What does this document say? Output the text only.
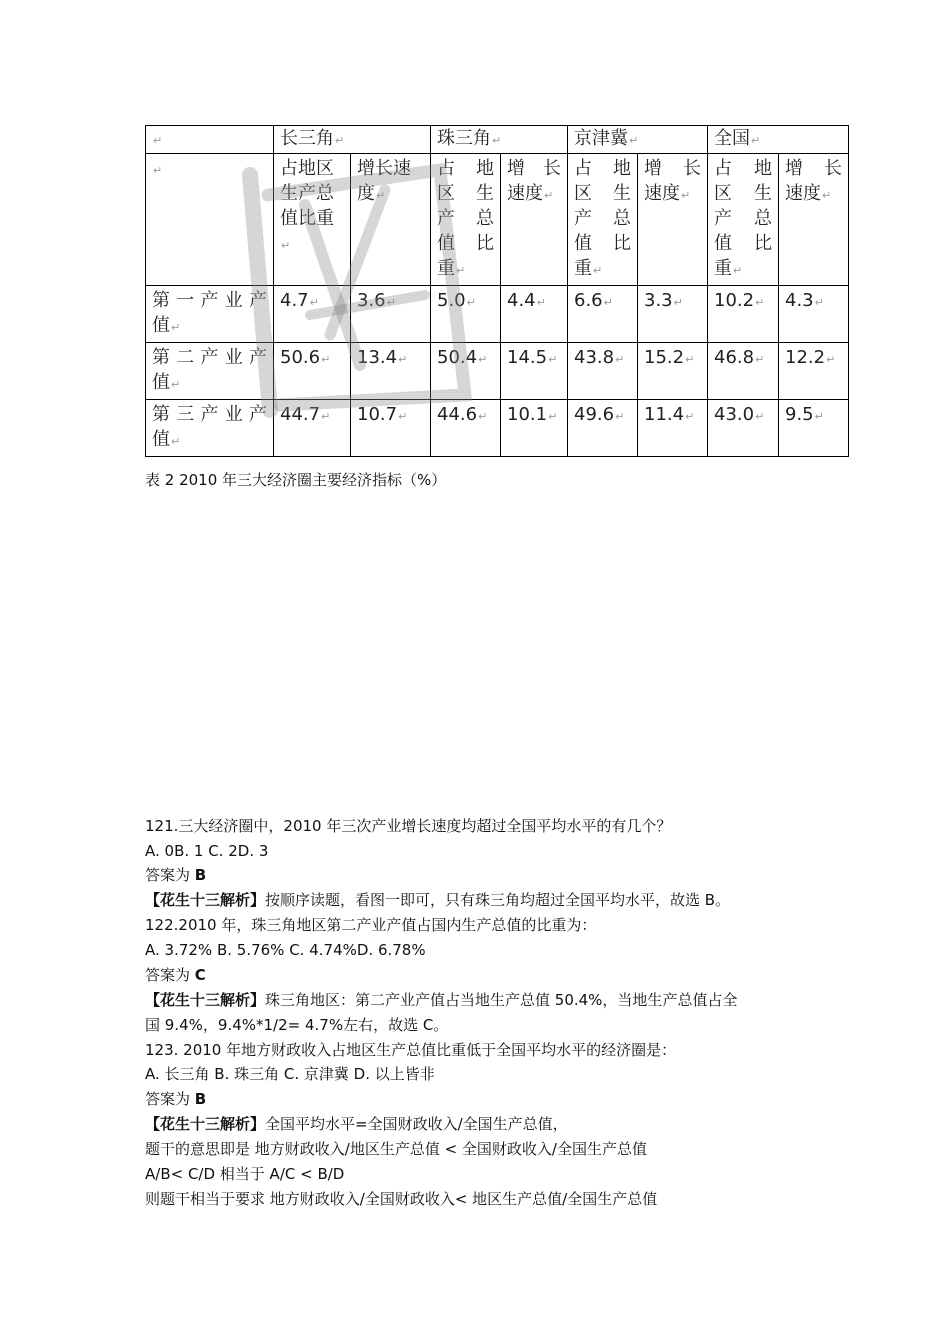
↵	长三角↵		珠三角↵		京津冀↵		全国↵	
↵	占地区
生产总
值比重↵	增长速
度↵	占地
区生
产总
值比
重↵	增长
速度↵	占地
区生
产总
值比
重↵	增长
速度↵	占地
区生
产总
值比
重↵	增长
速度↵

第一产业产
值↵	4.7↵	3.6↵	5.0↵	4.4↵	6.6↵	3.3↵	10.2↵	4.3↵

第二产业产
值↵	50.6↵	13.4↵	50.4↵	14.5↵	43.8↵	15.2↵	46.8↵	12.2↵

第三产业产
值↵	44.7↵	10.7↵	44.6↵	10.1↵	49.6↵	11.4↵	43.0↵	9.5↵
表 2 2010 年三大经济圈主要经济指标（%）
121.三大经济圈中，2010 年三次产业增长速度均超过全国平均水平的有几个？
A. 0B. 1 C. 2D. 3
答案为 B
【花生十三解析】按顺序读题，看图一即可，只有珠三角均超过全国平均水平，故选 B。
122.2010 年，珠三角地区第二产业产值占国内生产总值的比重为：
A. 3.72% B. 5.76% C. 4.74%D. 6.78%
答案为 C
【花生十三解析】珠三角地区：第二产业产值占当地生产总值 50.4%，当地生产总值占全
国 9.4%，9.4%*1/2= 4.7%左右，故选 C。
123. 2010 年地方财政收入占地区生产总值比重低于全国平均水平的经济圈是：
A. 长三角 B. 珠三角 C. 京津冀 D. 以上皆非
答案为 B
【花生十三解析】全国平均水平=全国财政收入/全国生产总值，
题干的意思即是 地方财政收入/地区生产总值 < 全国财政收入/全国生产总值
A/B< C/D 相当于 A/C < B/D
则题干相当于要求 地方财政收入/全国财政收入< 地区生产总值/全国生产总值
